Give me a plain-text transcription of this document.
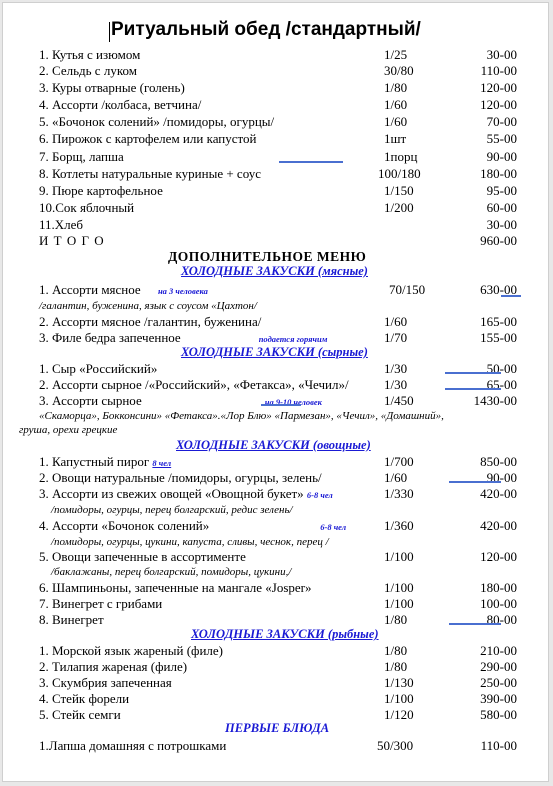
Ритуальный обед /стандартный/
1. Кутья с изюмом	1/25	30-00
2. Сельдь с луком	30/80	110-00
3. Куры отварные (голень)	1/80	120-00
4. Ассорти /колбаса, ветчина/	1/60	120-00
5. «Бочонок солений» /помидоры, огурцы/	1/60	70-00
6. Пирожок с картофелем или капустой	1шт	55-00
7. Борщ, лапша	1порц	90-00
8. Котлеты натуральные куриные + соус	100/180	180-00
9. Пюре картофельное	1/150	95-00
10.Сок яблочный	1/200	60-00
11.Хлеб	30-00
И Т О Г О	960-00
ДОПОЛНИТЕЛЬНОЕ МЕНЮ
ХОЛОДНЫЕ ЗАКУСКИ (мясные)
1. Ассорти мясное на 3 человека	70/150	630-00
/галантин, буженина, язык с соусом «Цахтон/
2. Ассорти мясное /галантин, буженина/	1/60	165-00
3. Филе бедра запеченное	подается горячим	1/70	155-00
ХОЛОДНЫЕ ЗАКУСКИ (сырные)
1. Сыр «Российский»	1/30	50-00
2. Ассорти сырное /«Российский», «Фетакса», «Чечил»/	1/30	65-00
3. Ассорти сырное	на 9-10 человек	1/450	1430-00
«Скаморца», Бокконсини» «Фетакса».«Лор Блю» «Пармезан», «Чечил», «Домашний»,
груша, орехи грецкие
ХОЛОДНЫЕ ЗАКУСКИ (овощные)
1. Капустный пирог 8 чел	1/700	850-00
2. Овощи натуральные /помидоры, огурцы, зелень/	1/60	90-00
3. Ассорти из свежих овощей «Овощной букет» 6-8 чел	1/330	420-00
/помидоры, огурцы, перец болгарский, редис зелень/
4. Ассорти «Бочонок солений»	6-8 чел	1/360	420-00
/помидоры, огурцы, цукини, капуста, сливы, чеснок, перец /
5. Овощи запеченные в ассортименте	1/100	120-00
/баклажаны, перец болгарский, помидоры, цукини,/
6. Шампиньоны, запеченные на мангале «Josper»	1/100	180-00
7. Винегрет с грибами	1/100	100-00
8. Винегрет	1/80	80-00
ХОЛОДНЫЕ ЗАКУСКИ (рыбные)
1. Морской язык жареный (филе)	1/80	210-00
2. Тилапия жареная (филе)	1/80	290-00
3. Скумбрия запеченная	1/130	250-00
4. Стейк форели	1/100	390-00
5. Стейк семги	1/120	580-00
ПЕРВЫЕ БЛЮДА
1.Лапша домашняя с потрошками	50/300	110-00
